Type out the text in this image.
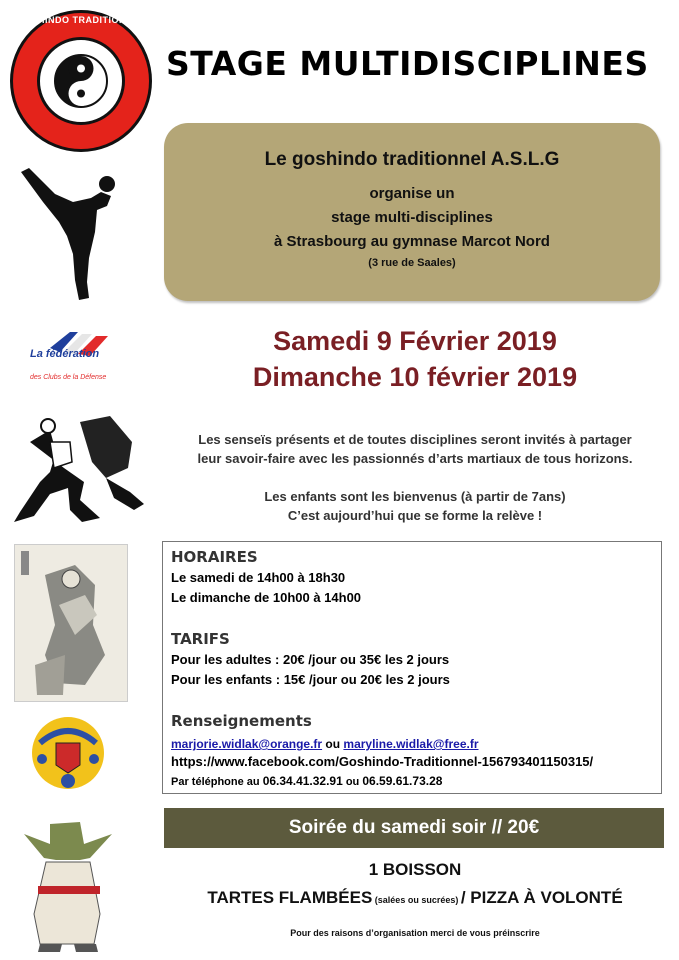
GOSHINDO TRADITIONNEL
STAGE MULTIDISCIPLINES
La fédération
des Clubs de la Défense
Le goshindo traditionnel A.S.L.G
organise un
stage multi-disciplines
à Strasbourg au gymnase Marcot Nord
(3 rue de Saales)
Samedi 9 Février 2019
Dimanche 10 février 2019
Les senseïs présents et de toutes disciplines seront invités à partager
leur savoir-faire avec les passionnés d’arts martiaux de tous horizons.
Les enfants sont les bienvenus (à partir de 7ans)
C’est aujourd’hui que se forme la relève !
HORAIRES
Le samedi de 14h00 à 18h30
Le dimanche de 10h00 à 14h00
TARIFS
Pour les adultes : 20€ /jour ou 35€ les 2 jours
Pour les enfants : 15€ /jour ou 20€ les 2 jours
Renseignements
marjorie.widlak@orange.fr ou maryline.widlak@free.fr
https://www.facebook.com/Goshindo-Traditionnel-156793401150315/
Par téléphone au 06.34.41.32.91 ou 06.59.61.73.28
Soirée du samedi soir // 20€
1 BOISSON
TARTES FLAMBÉES (salées ou sucrées) / PIZZA À VOLONTÉ
Pour des raisons d’organisation merci de vous préinscrire
